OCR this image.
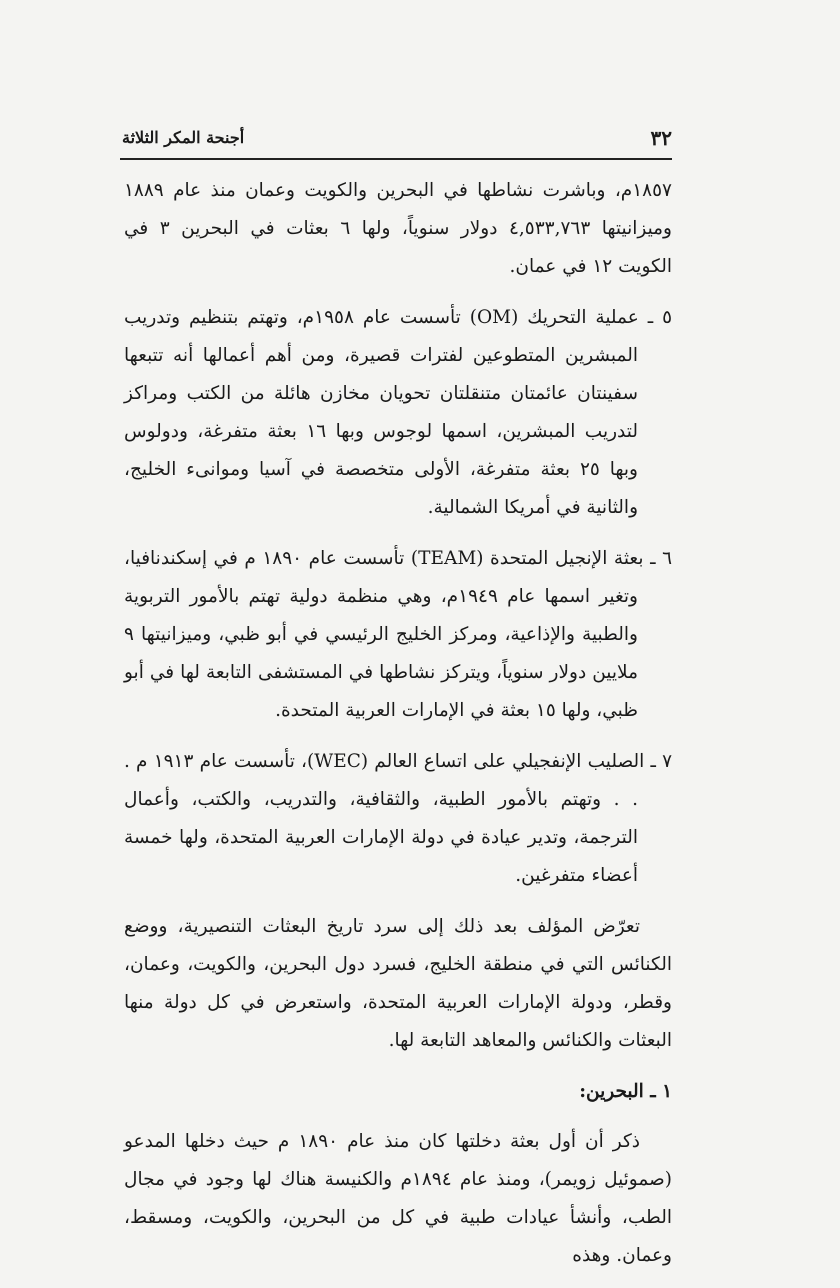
٣٢
أجنحة المكر الثلاثة

١٨٥٧م، وباشرت نشاطها في البحرين والكويت وعمان منذ عام ١٨٨٩ وميزانيتها ٤,٥٣٣,٧٦٣ دولار سنوياً، ولها ٦ بعثات في البحرين ٣ في الكويت ١٢ في عمان.

٥ ـ عملية التحريك (OM) تأسست عام ١٩٥٨م، وتهتم بتنظيم وتدريب المبشرين المتطوعين لفترات قصيرة، ومن أهم أعمالها أنه تتبعها سفينتان عائمتان متنقلتان تحويان مخازن هائلة من الكتب ومراكز لتدريب المبشرين، اسمها لوجوس وبها ١٦ بعثة متفرغة، ودولوس وبها ٢٥ بعثة متفرغة، الأولى متخصصة في آسيا وموانىء الخليج، والثانية في أمريكا الشمالية.

٦ ـ بعثة الإنجيل المتحدة (TEAM) تأسست عام ١٨٩٠ م في إسكندنافيا، وتغير اسمها عام ١٩٤٩م، وهي منظمة دولية تهتم بالأمور التربوية والطبية والإذاعية، ومركز الخليج الرئيسي في أبو ظبي، وميزانيتها ٩ ملايين دولار سنوياً، ويتركز نشاطها في المستشفى التابعة لها في أبو ظبي، ولها ١٥ بعثة في الإمارات العربية المتحدة.

٧ ـ الصليب الإنفجيلي على اتساع العالم (WEC)، تأسست عام ١٩١٣ م . . . وتهتم بالأمور الطبية، والثقافية، والتدريب، والكتب، وأعمال الترجمة، وتدير عيادة في دولة الإمارات العربية المتحدة، ولها خمسة أعضاء متفرغين.

تعرّض المؤلف بعد ذلك إلى سرد تاريخ البعثات التنصيرية، ووضع الكنائس التي في منطقة الخليج، فسرد دول البحرين، والكويت، وعمان، وقطر، ودولة الإمارات العربية المتحدة، واستعرض في كل دولة منها البعثات والكنائس والمعاهد التابعة لها.

١ ـ البحرين:

ذكر أن أول بعثة دخلتها كان منذ عام ١٨٩٠ م حيث دخلها المدعو (صموئيل زويمر)، ومنذ عام ١٨٩٤م والكنيسة هناك لها وجود في مجال الطب، وأنشأ عيادات طبية في كل من البحرين، والكويت، ومسقط، وعمان. وهذه
